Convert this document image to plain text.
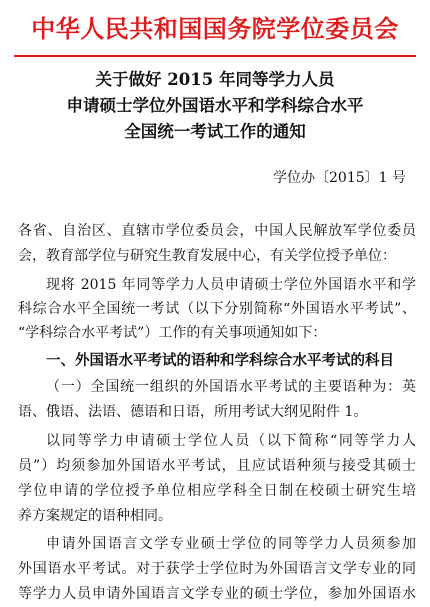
中华人民共和国国务院学位委员会
关于做好 2015 年同等学力人员
申请硕士学位外国语水平和学科综合水平
全国统一考试工作的通知
学位办〔2015〕1 号
各省、自治区、直辖市学位委员会，中国人民解放军学位委员
会，教育部学位与研究生教育发展中心，有关学位授予单位：
现将 2015 年同等学力人员申请硕士学位外国语水平和学
科综合水平全国统一考试（以下分别简称“外国语水平考试”、
“学科综合水平考试”）工作的有关事项通知如下：
一、外国语水平考试的语种和学科综合水平考试的科目
（一）全国统一组织的外国语水平考试的主要语种为：英
语、俄语、法语、德语和日语，所用考试大纲见附件 1。
以同等学力申请硕士学位人员（以下简称“同等学力人
员”）均须参加外国语水平考试，且应试语种须与接受其硕士
学位申请的学位授予单位相应学科全日制在校硕士研究生培
养方案规定的语种相同。
申请外国语言文学专业硕士学位的同等学力人员须参加
外国语水平考试。对于获学士学位时为外国语言文学专业的同
等学力人员申请外国语言文学专业的硕士学位，参加外国语水
